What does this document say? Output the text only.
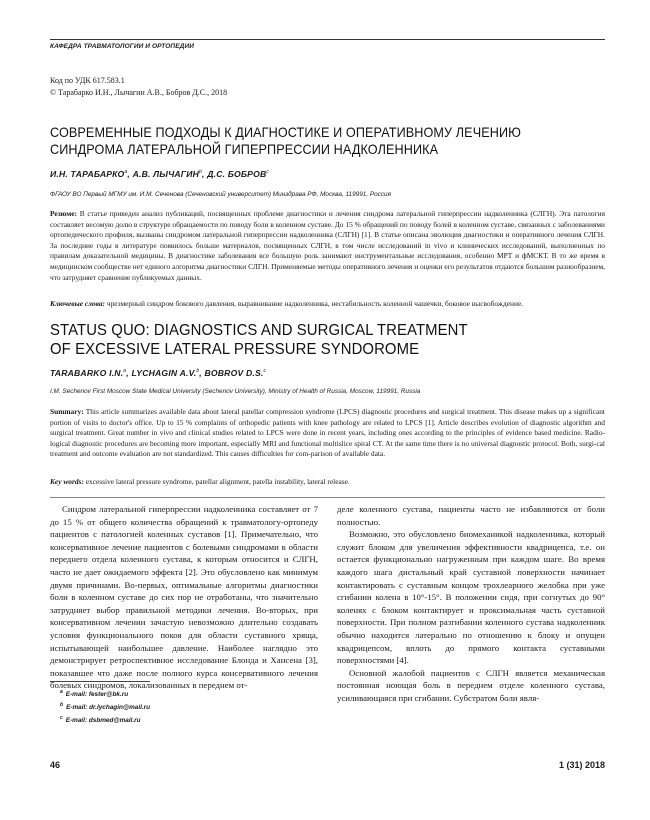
КАФЕДРА ТРАВМАТОЛОГИИ И ОРТОПЕДИИ
Код по УДК 617.583.1
© Тарабарко И.Н., Лычагин А.В., Бобров Д.С., 2018
СОВРЕМЕННЫЕ ПОДХОДЫ К ДИАГНОСТИКЕ И ОПЕРАТИВНОМУ ЛЕЧЕНИЮ
СИНДРОМА ЛАТЕРАЛЬНОЙ ГИПЕРПРЕССИИ НАДКОЛЕННИКА
И.Н. $ТАРАБАРКО^а$, А.В. ЛЫЧАГИН$^b$, Д.С. БОБРОВ$^c$
ФГАОУ ВО Первый МГМУ им. И.М. Сеченова (Сеченовский университет) Минздрава РФ, Москва, 119991, Россия
Резюме: В статье приведен анализ публикаций, посвященных проблеме диагностики и лечения синдрома латеральной гиперпрессии надколенника (СЛГН). Эта патология составляет весомую долю в структуре обращаемости по поводу боли в коленном суставе. До 15 % обращений по поводу болей в коленном суставе, связанных с заболеваниями ортопедического профиля, вызваны синдромом латеральной гиперпрессии надколенника (СЛГН) [1]. В статье описана эволюция диагностики и оперативного лечения СЛГН. За последние годы в литературе появилось больше материалов, посвященных СЛГН, в том числе исследований in vivo и клинических исследований, выполненных по правилам доказательной медицины. В диагностике заболевания все большую роль занимают инструментальные исследования, особенно МРТ и фМСКТ. В то же время в медицинском сообществе нет единого алгоритма диагностики СЛГН. Применяемые методы оперативного лечения и оценки его результатов отдаются большим разнообразием, что затрудняет сравнение публикуемых данных.
Ключевые слова: чрезмерный синдром бокового давления, выравнивание надколенника, нестабильность коленной чашечки, боковое высвобождение.
STATUS QUO: DIAGNOSTICS AND SURGICAL TREATMENT
OF EXCESSIVE LATERAL PRESSURE SYNDOROME
TARABARKO I.N.$^a$, LYCHAGIN A.V.$^b$, BOBROV D.S.$^c$
I.M. Sechenov First Moscow State Medical University (Sechenov University), Ministry of Health of Russia, Moscow, 119991, Russia
Summary: This article summarizes available data about lateral patellar compression syndrome (LPCS) diagnostic procedures and surgical treatment. This disease makes up a significant portion of visits to doctor's office. Up to 15 % complaints of orthopedic patients with knee pathology are related to LPCS [1]. Article describes evolution of diagnostic algorithm and surgical treatment. Great number in vivo and clinical studies related to LPCS were done in recent years, including ones according to the principles of evidence based medicine. Radio-logical diagnostic procedures are becoming more important, especially MRI and functional multislice spiral CT. At the same time there is no universal diagnostic protocol. Both, surgi-cal treatment and outcome evaluation are not standardized. This causes difficulties for com-parison of available data.
Key words: excessive lateral pressure syndrome, patellar alignment, patella instability, lateral release.

Синдром латеральной гиперпрессии надколенника составляет от 7 до 15 % от общего количества обращений к травматологу-ортопеду пациентов с патологией коленных суставов [1]. Примечательно, что консервативное лечение пациентов с болевыми синдромами в области переднего отдела коленного сустава, к которым относится и СЛГН, часто не дает ожидаемого эффекта [2]. Это обусловлено как минимум двумя причинами. Во-первых, оптимальные алгоритмы диагностики боли в коленном суставе до сих пор не отработаны, что значительно затрудняет выбор правильной методики лечения. Во-вторых, при консервативном лечении зачастую невозможно длительно создавать условия функционального покоя для области суставного хряща, испытывающей наибольшее давление. Наиболее наглядно это демонстрирует ретроспективное исследование Блонда и Хансена [3], показавшее что даже после полного курса консервативного лечения болевых синдромов, локализованных в переднем от-

деле коленного сустава, пациенты часто не избавляются от боли полностью.

Возможно, это обусловлено биомеханикой надколенника, который служит блоком для увеличения эффективности квадрицепса, т.е. он остается функционально нагруженным при каждом шаге. Во время каждого шага дистальный край суставной поверхности начинает контактировать с суставным концом трохлеарного желобка при уже сгибании колена в 10°-15°. В положении сидя, при согнутых до 90° коленях с блоком контактирует и проксимальная часть суставной поверхности. При полном разгибании коленного сустава надколенник обычно находится латерально по отношению к блоку и опущен квадрицепсом, вплоть до прямого контакта суставными поверхностями [4].

Основной жалобой пациентов с СЛГН является механическая постоянная ноющая боль в переднем отделе коленного сустава, усиливающаяся при сгибании. Субстратом боли явля-

$^a$ E-mail: fester@bk.ru
$^b$ E-mail: dr.lychagin@mail.ru
$^c$ E-mail: dsbmed@mail.ru
46	1 (31) 2018
